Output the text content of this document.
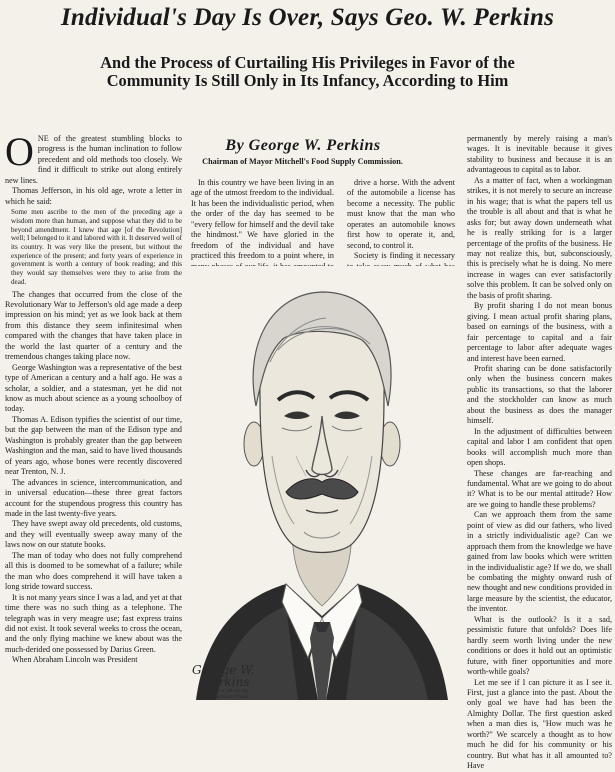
Individual's Day Is Over, Says Geo. W. Perkins
And the Process of Curtailing His Privileges in Favor of the
Community Is Still Only in Its Infancy, According to Him
By George W. Perkins
Chairman of Mayor Mitchell's Food Supply Commission.

ONE of the greatest stumbling blocks to progress is the human inclination to follow precedent and old methods too closely. We find it difficult to strike out along entirely new lines.

Thomas Jefferson, in his old age, wrote a letter in which he said:

Some men ascribe to the men of the preceding age a wisdom more than human, and suppose what they did to be beyond amendment. I knew that age [of the Revolution] well; I belonged to it and labored with it. It deserved well of its country. It was very like the present, but without the experience of the present; and forty years of experience in government is worth a century of book reading; and this they would say themselves were they to arise from the dead.

The changes that occurred from the close of the Revolutionary War to Jefferson's old age made a deep impression on his mind; yet as we look back at them from this distance they seem infinitesimal when compared with the changes that have taken place in the world the last quarter of a century and the tremendous changes taking place now.

George Washington was a representative of the best type of American a century and a half ago. He was a scholar, a soldier, and a statesman, yet he did not know as much about science as a young schoolboy of today.

Thomas A. Edison typifies the scientist of our time, but the gap between the man of the Edison type and Washington is probably greater than the gap between Washington and the man, said to have lived thousands of years ago, whose bones were recently discovered near Trenton, N. J.

The advances in science, intercommunication, and in universal education—these three great factors account for the stupendous progress this country has made in the last twenty-five years.

They have swept away old precedents, old customs, and they will eventually sweep away many of the laws now on our statute books.

The man of today who does not fully comprehend all this is doomed to be somewhat of a failure; while the man who does comprehend it will have taken a long stride toward success.

It is not many years since I was a lad, and yet at that time there was no such thing as a telephone. The telegraph was in very meagre use; fast express trains did not exist. It took several weeks to cross the ocean, and the only flying machine we knew about was the much-derided one possessed by Darius Green.

When Abraham Lincoln was President

In this country we have been living in an age of the utmost freedom to the individual. It has been the individualistic period, when the order of the day has seemed to be "every fellow for himself and the devil take the hindmost." We have gloried in the freedom of the individual and have practiced this freedom to a point where, in

drive a horse. With the advent of the automobile a license has become a necessity. The public must know that the man who operates an automobile knows first how to operate it, and, second, to control it.

Society is finding it necessary

permanently by merely raising a man's wages. It is inevitable because it gives stability to business and because it is an advantageous to capital as to labor.

As a matter of fact, when a workingman strikes, it is not merely to secure an increase in his wage; that is what the papers tell us the trouble is all about and that is what he asks for; but away down underneath what he is really striking for is a larger percentage of the profits of the business. He may not realize this, but, subconsciously, this is precisely what he is doing. No mere increase in wages can ever satisfactorily solve this problem. It can be solved only on the basis of profit sharing.

By profit sharing I do not mean bonus giving. I mean actual profit sharing plans, based on earnings of the business, with a fair percentage to capital and a fair percentage to labor after adequate wages and interest have been earned.

Profit sharing can be done satisfactorily only when the business concern makes public its transactions, so that the laborer and the stockholder can know as much about the business as does the manager himself.

In the adjustment of difficulties between capital and labor I am confident that open books will accomplish much more than open shops.

These changes are far-reaching and fundamental. What are we going to do about it? What is to be our mental attitude? How are we going to handle these problems?

Can we approach them from the same point of view as did our fathers, who lived in a strictly individualistic age? Can we approach them from the knowledge we have gained from law books which were written in the individualistic age? If we do, we shall be combating the mighty onward rush of new thought and new conditions provided in large measure by the scientist, the educator, the inventor.

What is the outlook? Is it a sad, pessimistic future that unfolds? Does life hardly seem worth living under the new conditions or does it hold out an optimistic future, with finer opportunities and more worth-while goals?

Let me see if I can picture it as I see it. First, just a glance into the past. About the only goal we have had has been the Almighty Dollar. The first question asked when a man dies is, "How much was he worth?" We scarcely a thought as to how much he did for his community or his country. But what has it all amounted to? Have

George W.
Perkins
from a photo by American Press
